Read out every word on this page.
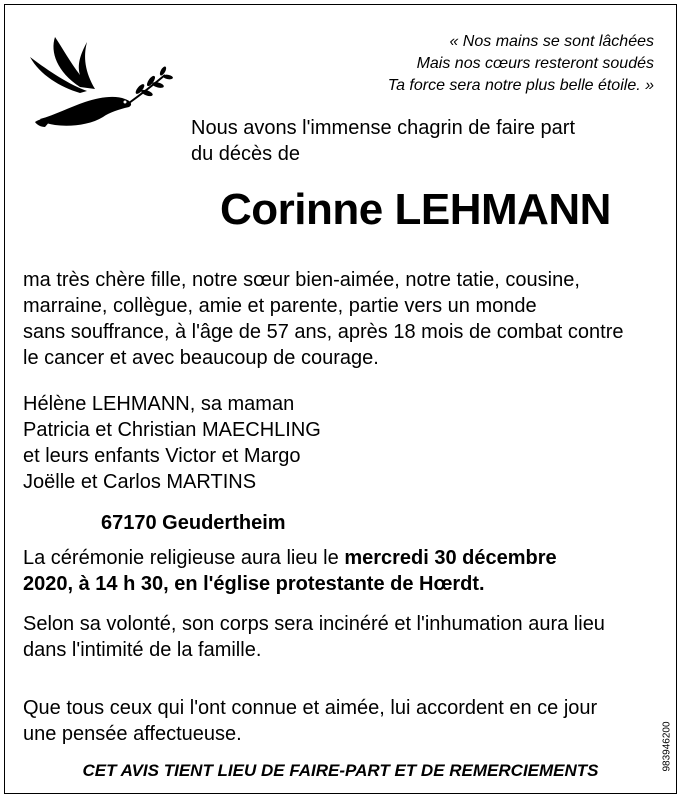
« Nos mains se sont lâchées
Mais nos cœurs resteront soudés
Ta force sera notre plus belle étoile. »
Nous avons l'immense chagrin de faire part
du décès de
Corinne LEHMANN
ma très chère fille, notre sœur bien-aimée, notre tatie, cousine,
marraine, collègue, amie et parente, partie vers un monde
sans souffrance, à l'âge de 57 ans, après 18 mois de combat contre
le cancer et avec beaucoup de courage.
Hélène LEHMANN, sa maman
Patricia et Christian MAECHLING
et leurs enfants Victor et Margo
Joëlle et Carlos MARTINS
67170 Geudertheim
La cérémonie religieuse aura lieu le mercredi 30 décembre
2020, à 14 h 30, en l'église protestante de Hœrdt.
Selon sa volonté, son corps sera incinéré et l'inhumation aura lieu
dans l'intimité de la famille.
Que tous ceux qui l'ont connue et aimée, lui accordent en ce jour
une pensée affectueuse.
CET AVIS TIENT LIEU DE FAIRE-PART ET DE REMERCIEMENTS	983946200
